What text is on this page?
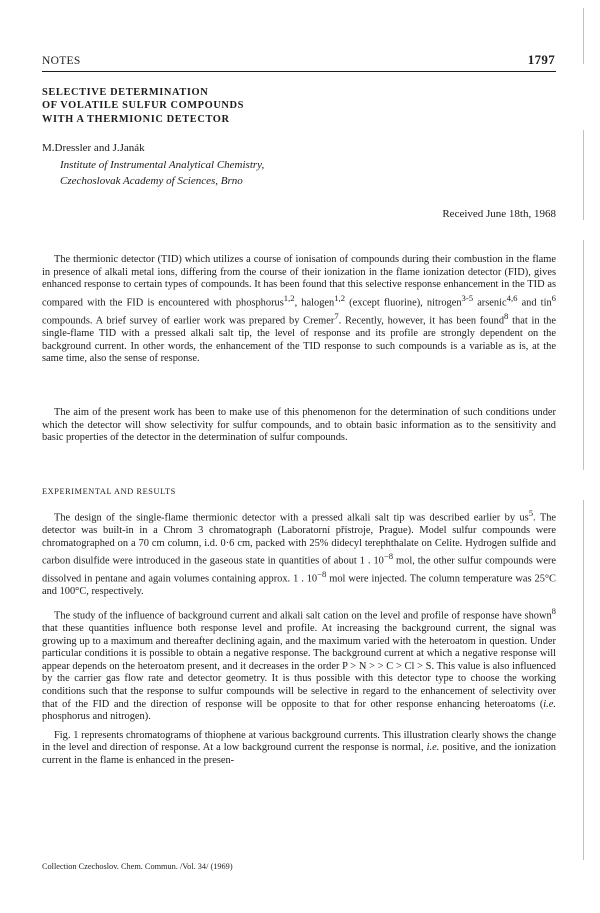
NOTES	1797
SELECTIVE DETERMINATION
OF VOLATILE SULFUR COMPOUNDS
WITH A THERMIONIC DETECTOR
M.Dressler and J.Janák
Institute of Instrumental Analytical Chemistry,
Czechoslovak Academy of Sciences, Brno
Received June 18th, 1968

The thermionic detector (TID) which utilizes a course of ionisation of compounds during their combustion in the flame in presence of alkali metal ions, differing from the course of their ionization in the flame ionization detector (FID), gives enhanced response to certain types of compounds. It has been found that this selective response enhancement in the TID as compared with the FID is encountered with phosphorus$^{1,2}$, halogen$^{1,2}$ (except fluorine), nitrogen$^{3-5}$ arsenic$^{4,6}$ and tin$^6$ compounds. A brief survey of earlier work was prepared by Cremer$^7$. Recently, however, it has been found$^8$ that in the single-flame TID with a pressed alkali salt tip, the level of response and its profile are strongly dependent on the background current. In other words, the enhancement of the TID response to such compounds is a variable as is, at the same time, also the sense of response.

The aim of the present work has been to make use of this phenomenon for the determination of such conditions under which the detector will show selectivity for sulfur compounds, and to obtain basic information as to the sensitivity and basic properties of the detector in the determination of sulfur compounds.

EXPERIMENTAL AND RESULTS

The design of the single-flame thermionic detector with a pressed alkali salt tip was described earlier by $us^5$. The detector was built-in in a Chrom 3 chromatograph (Laboratorní přístroje, Prague). Model sulfur compounds were chromatographed on a 70 cm column, i.d. 0·6 cm, packed with 25% didecyl terephthalate on Celite. Hydrogen sulfide and carbon disulfide were introduced in the gaseous state in quantities of about 1 . $10^{-8}$ mol, the other sulfur compounds were dissolved in pentane and again volumes containing approx. 1 . $10^{-8}$ mol were injected. The column temperature was 25°C and 100°C, respectively.

The study of the influence of background current and alkali salt cation on the level and profile of response have shown$^8$ that these quantities influence both response level and profile. At increasing the background current, the signal was growing up to a maximum and thereafter declining again, and the maximum varied with the heteroatom in question. Under particular conditions it is possible to obtain a negative response. The background current at which a negative response will appear depends on the heteroatom present, and it decreases in the order P > N > > C > Cl > S. This value is also influenced by the carrier gas flow rate and detector geometry. It is thus possible with this detector type to choose the working conditions such that the response to sulfur compounds will be selective in regard to the enhancement of selectivity over that of the FID and the direction of response will be opposite to that for other response enhancing heteroatoms (i.e. phosphorus and nitrogen).

Fig. 1 represents chromatograms of thiophene at various background currents. This illustration clearly shows the change in the level and direction of response. At a low background current the response is normal, i.e. positive, and the ionization current in the flame is enhanced in the presen-

Collection Czechoslov. Chem. Commun. /Vol. 34/ (1969)
